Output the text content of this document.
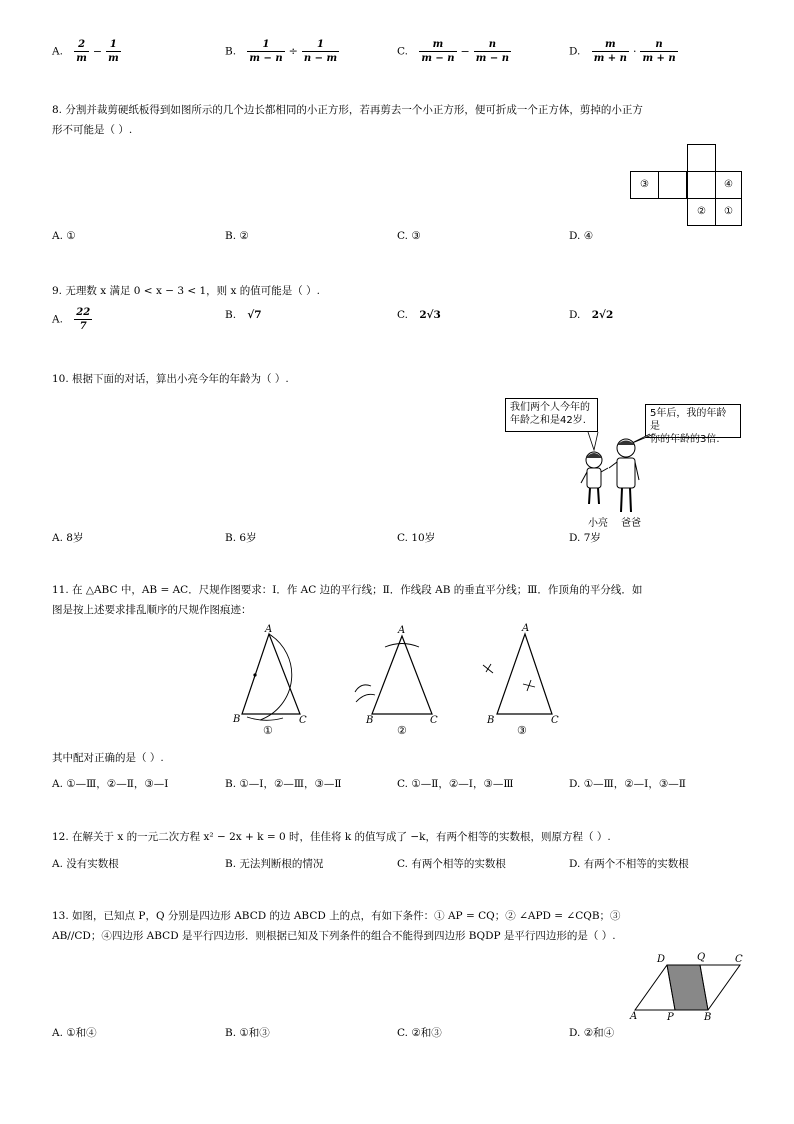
A. $\frac{2}{m} - \frac{1}{m}$	B. $\frac{1}{m - n} \div \frac{1}{n - m}$	C. $\frac{m}{m - n} - \frac{n}{m - n}$	D. $\frac{m}{m + n} \cdot \frac{n}{m + n}$
8. 分割并裁剪硬纸板得到如图所示的几个边长都相同的小正方形，若再剪去一个小正方形，便可折成一个正方体，剪掉的小正方
形不可能是（ ）.
③	④
②	①
A. ①	B. ②	C. ③	D. ④
9. 无理数 x 满足 0 < x − 3 < 1，则 x 的值可能是（ ）.
A. $\frac{22}{7}$	B. √7	C. 2√3	D. 2√2
10. 根据下面的对话，算出小亮今年的年龄为（ ）.
我们两个人今年的
年龄之和是42岁.
5年后，我的年龄是
你的年龄的3倍.
小亮 爸爸
A. 8岁	B. 6岁	C. 10岁	D. 7岁
11. 在 △ABC 中，AB = AC．尺规作图要求：Ⅰ．作 AC 边的平行线；Ⅱ．作线段 AB 的垂直平分线；Ⅲ．作顶角的平分线．如
图是按上述要求排乱顺序的尺规作图痕迹：
A
B	C
A
B	C
A
B	C
①	②	③
其中配对正确的是（ ）.
A. ①—Ⅲ，②—Ⅱ，③—Ⅰ	B. ①—Ⅰ，②—Ⅲ，③—Ⅱ	C. ①—Ⅱ，②—Ⅰ，③—Ⅲ	D. ①—Ⅲ，②—Ⅰ，③—Ⅱ
12. 在解关于 x 的一元二次方程 x² − 2x + k = 0 时，佳佳将 k 的值写成了 −k，有两个相等的实数根，则原方程（ ）.
A. 没有实数根	B. 无法判断根的情况	C. 有两个相等的实数根	D. 有两个不相等的实数根
13. 如图，已知点 P，Q 分别是四边形 ABCD 的边 ABCD 上的点，有如下条件：① AP = CQ；② ∠APD = ∠CQB；③
AB//CD；④四边形 ABCD 是平行四边形．则根据已知及下列条件的组合不能得到四边形 BQDP 是平行四边形的是（ ）.
D	Q	C
A	P	B
A. ①和④	B. ①和③	C. ②和③	D. ②和④
